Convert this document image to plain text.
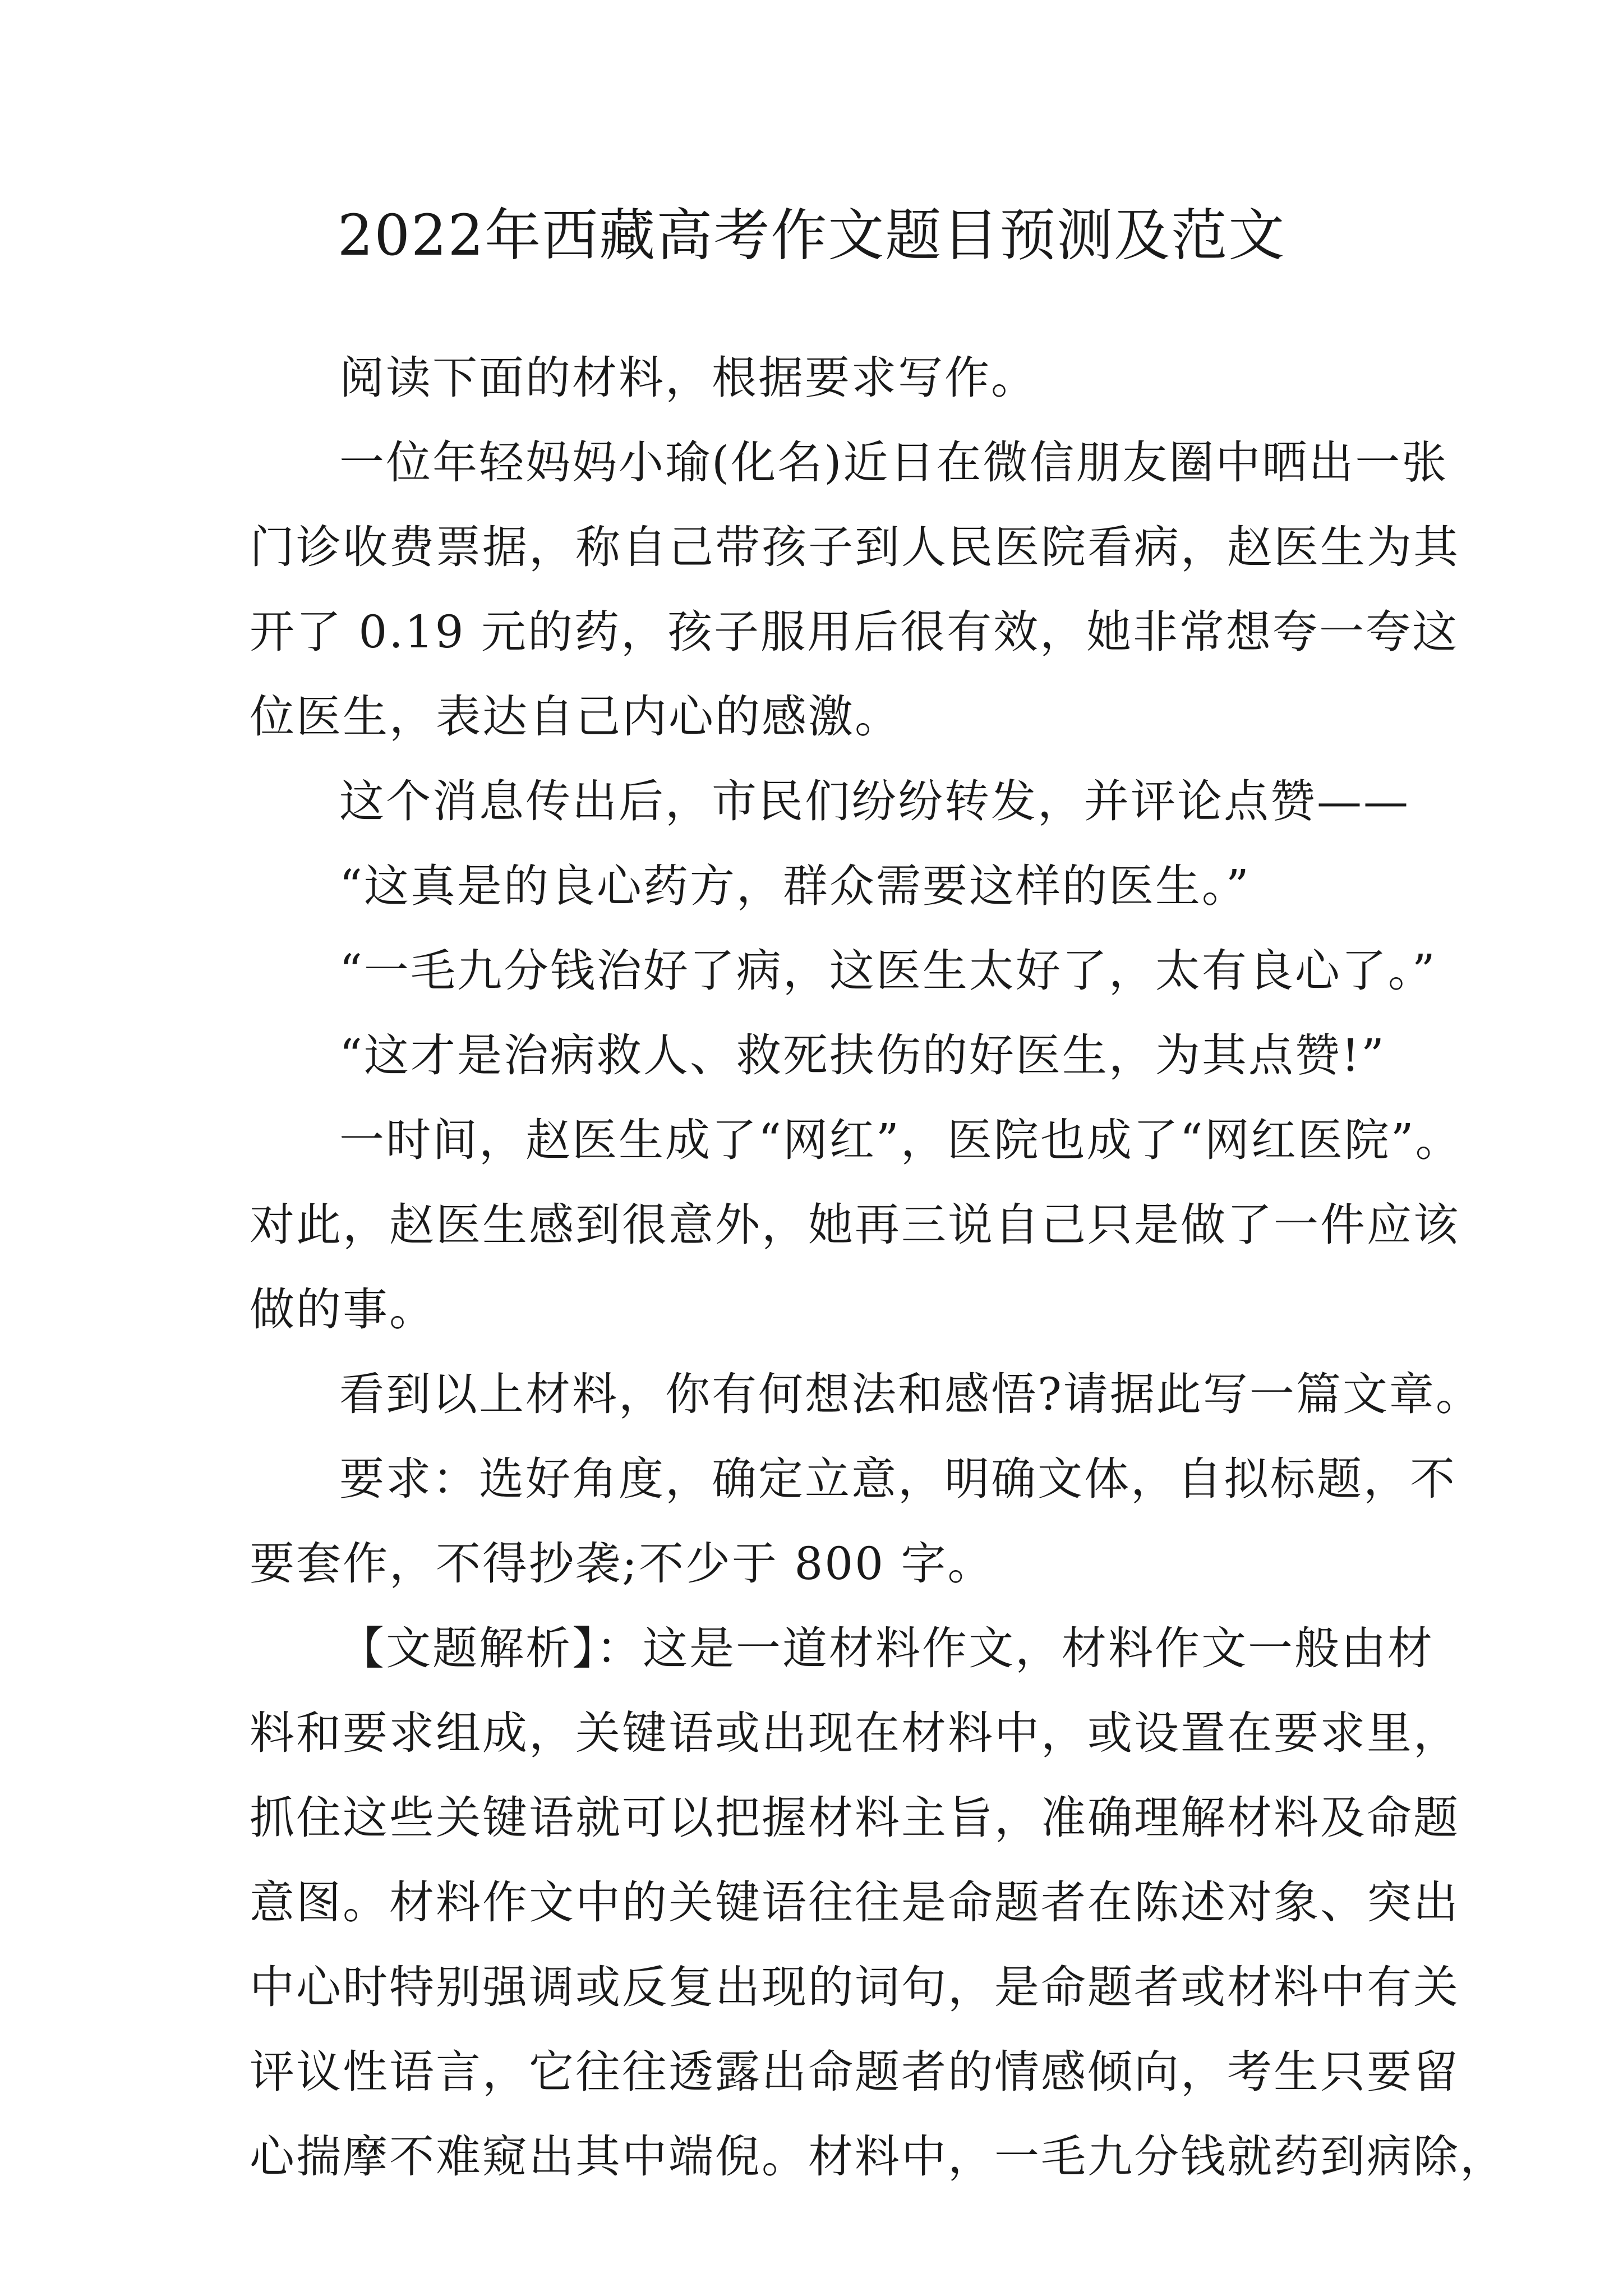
2022年西藏高考作文题目预测及范文
阅读下面的材料，根据要求写作。
一位年轻妈妈小瑜(化名)近日在微信朋友圈中晒出一张
门诊收费票据，称自己带孩子到人民医院看病，赵医生为其
开了 0.19 元的药，孩子服用后很有效，她非常想夸一夸这
位医生，表达自己内心的感激。
这个消息传出后，市民们纷纷转发，并评论点赞——
“这真是的良心药方，群众需要这样的医生。”
“一毛九分钱治好了病，这医生太好了，太有良心了。”
“这才是治病救人、救死扶伤的好医生，为其点赞!”
一时间，赵医生成了“网红”，医院也成了“网红医院”。
对此，赵医生感到很意外，她再三说自己只是做了一件应该
做的事。
看到以上材料，你有何想法和感悟?请据此写一篇文章。
要求：选好角度，确定立意，明确文体，自拟标题，不
要套作，不得抄袭;不少于 800 字。
【文题解析】：这是一道材料作文，材料作文一般由材
料和要求组成，关键语或出现在材料中，或设置在要求里，
抓住这些关键语就可以把握材料主旨，准确理解材料及命题
意图。材料作文中的关键语往往是命题者在陈述对象、突出
中心时特别强调或反复出现的词句，是命题者或材料中有关
评议性语言，它往往透露出命题者的情感倾向，考生只要留
心揣摩不难窥出其中端倪。材料中，一毛九分钱就药到病除，
